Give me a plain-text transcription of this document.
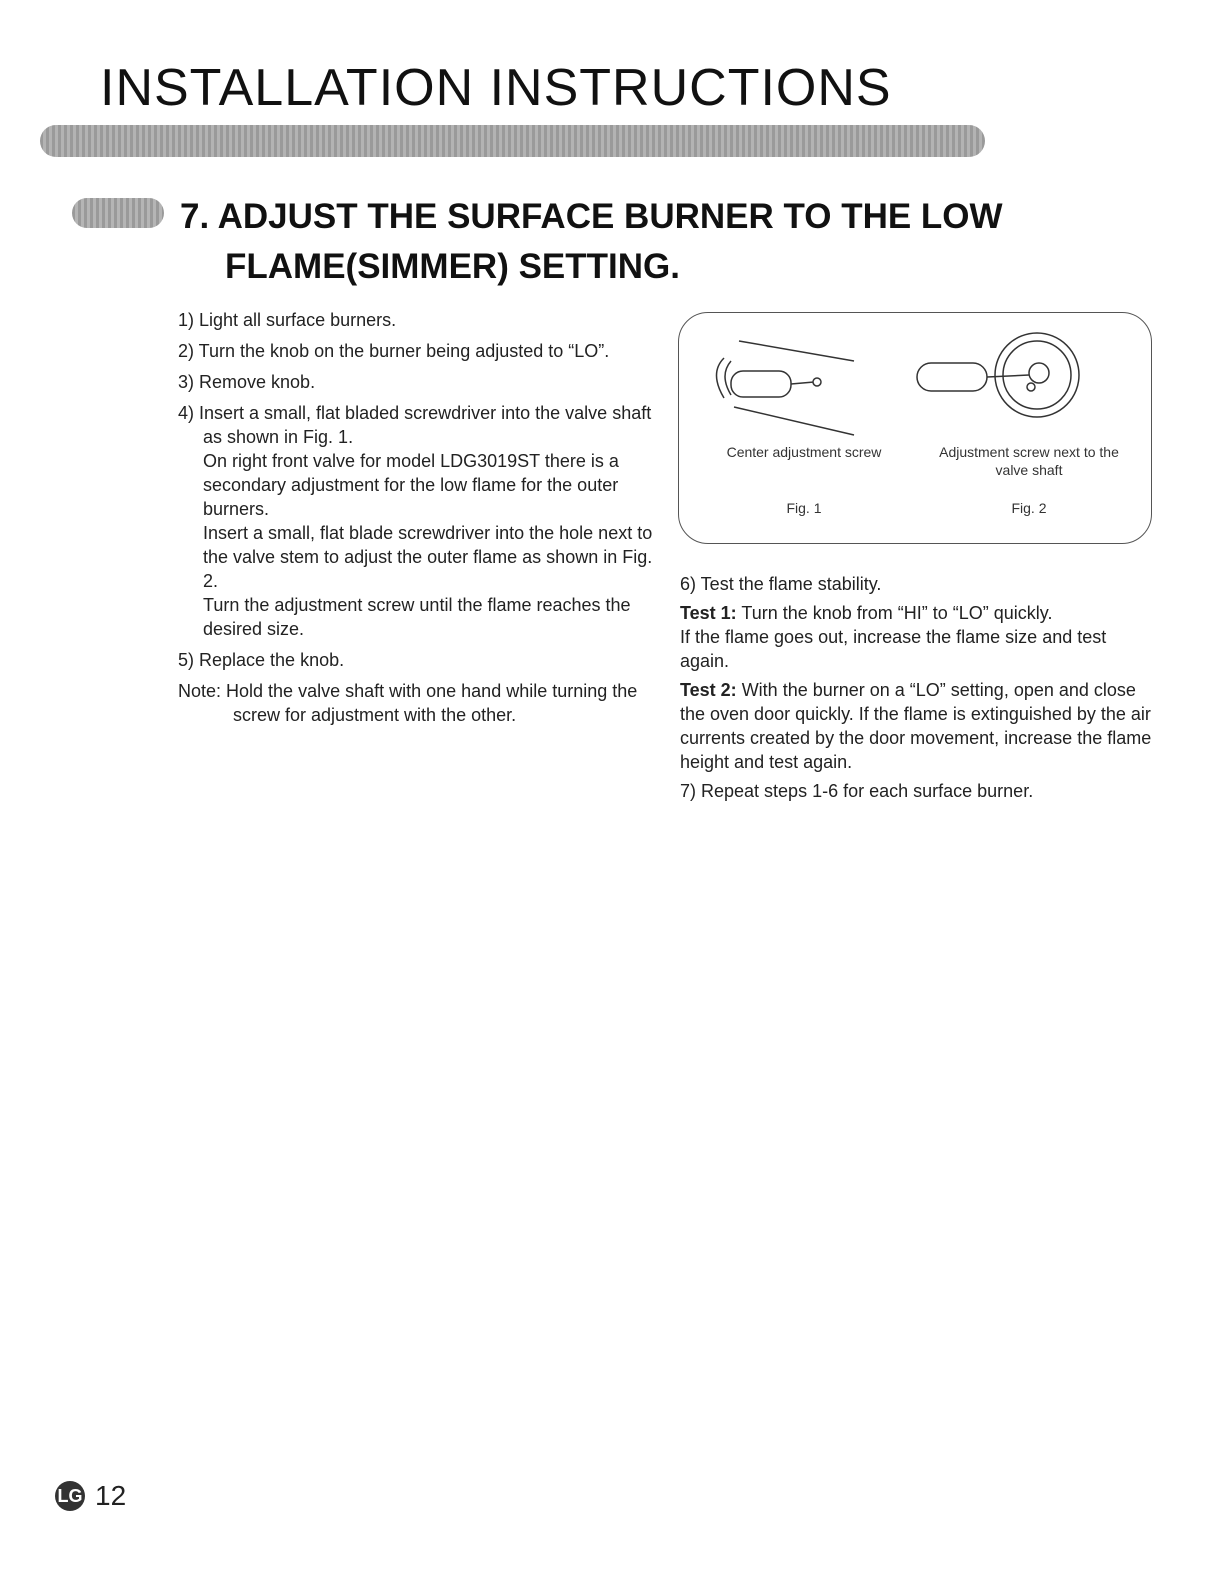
INSTALLATION INSTRUCTIONS
7. ADJUST THE SURFACE BURNER TO THE LOW
FLAME(SIMMER) SETTING.
1) Light all surface burners.
2) Turn the knob on the burner being adjusted to “LO”.
3) Remove knob.
4) Insert a small, flat bladed screwdriver into the valve shaft as shown in Fig. 1.
On right front valve for model LDG3019ST there is a secondary adjustment for the low flame for the outer burners.
Insert a small, flat blade screwdriver into the hole next to the valve stem to adjust the outer flame as shown in Fig. 2.
Turn the adjustment screw until the flame reaches the desired size.
5) Replace the knob.
Note: Hold the valve shaft with one hand while turning the screw for adjustment with the other.
Center adjustment screw	Adjustment screw next to the valve shaft
Fig. 1	Fig. 2

6) Test the flame stability.

Test 1: Turn the knob from “HI” to “LO” quickly.
If the flame goes out, increase the flame size and test again.

Test 2: With the burner on a “LO” setting, open and close the oven door quickly. If the flame is extinguished by the air currents created by the door movement, increase the flame height and test again.

7) Repeat steps 1-6 for each surface burner.

LG 12
